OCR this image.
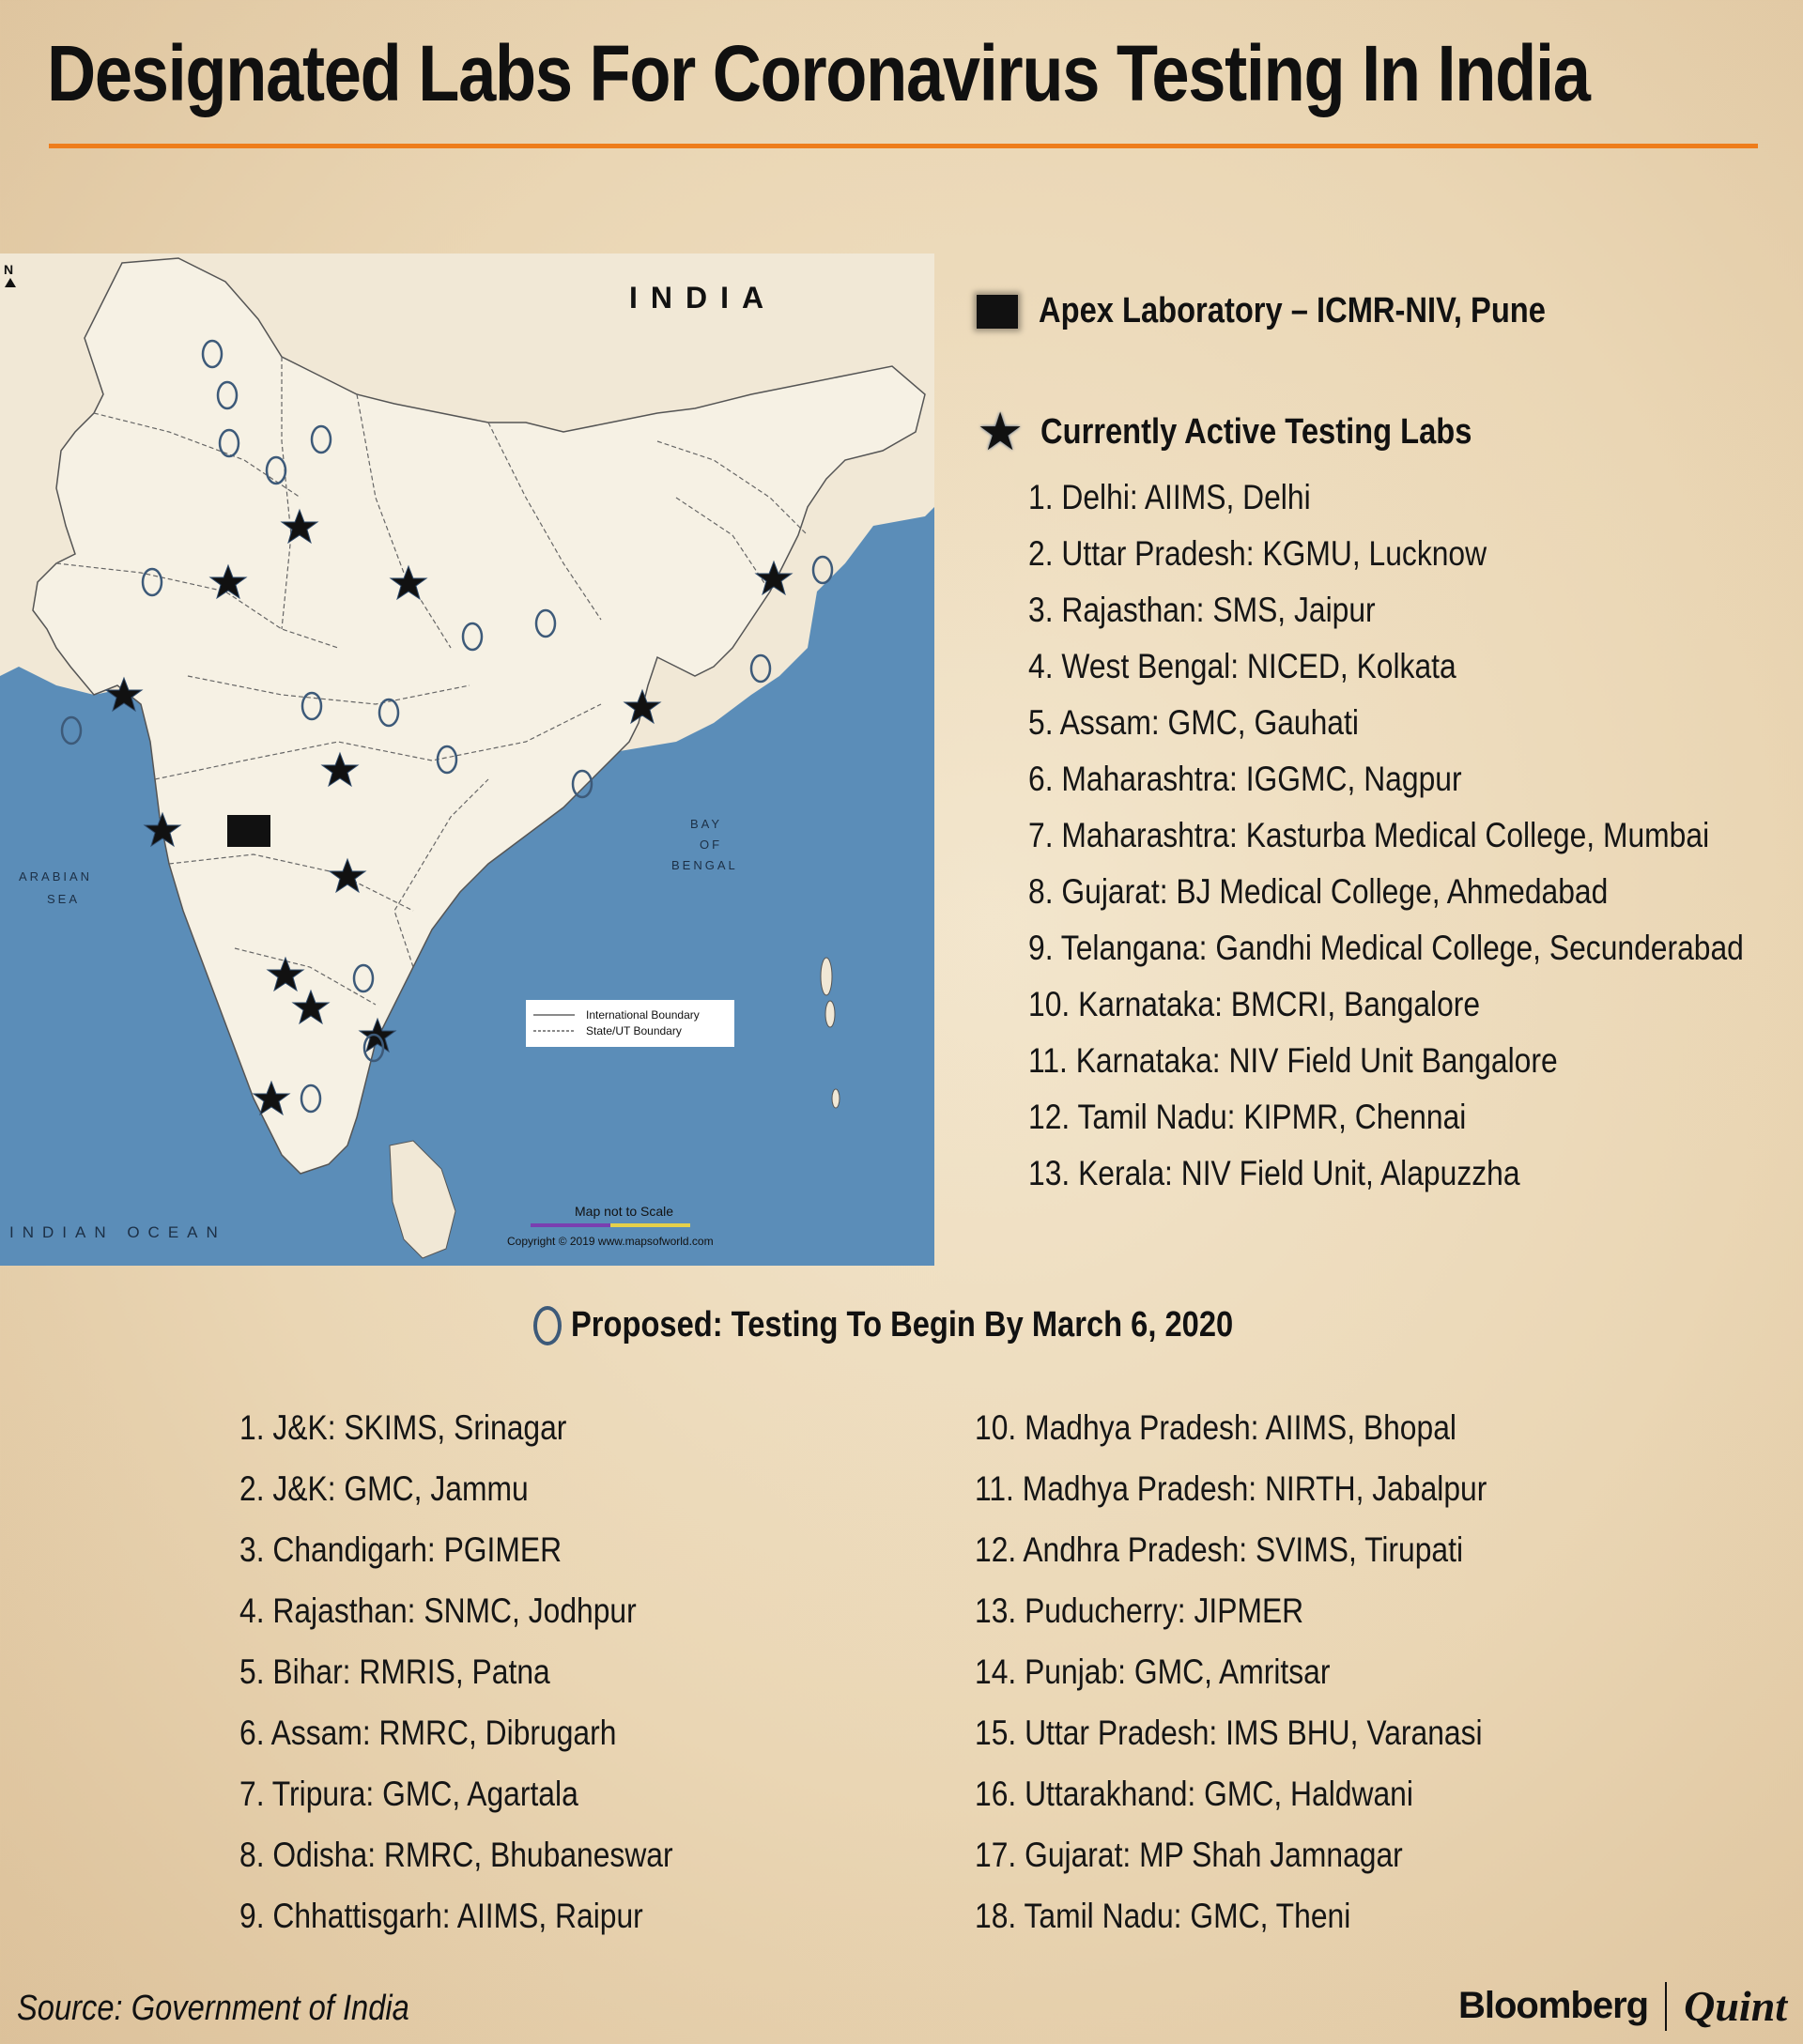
Designated Labs For Coronavirus Testing In India
INDIA
N
ARABIAN
SEA
BAY
OF
BENGAL
INDIAN OCEAN
International Boundary
State/UT Boundary
Map not to Scale
Copyright © 2019 www.mapsofworld.com
Apex Laboratory – ICMR-NIV, Pune
★ Currently Active Testing Labs
1. Delhi: AIIMS, Delhi
2. Uttar Pradesh: KGMU, Lucknow
3. Rajasthan: SMS, Jaipur
4. West Bengal: NICED, Kolkata
5. Assam: GMC, Gauhati
6. Maharashtra: IGGMC, Nagpur
7. Maharashtra: Kasturba Medical College, Mumbai
8. Gujarat: BJ Medical College, Ahmedabad
9. Telangana: Gandhi Medical College, Secunderabad
10. Karnataka: BMCRI, Bangalore
11. Karnataka: NIV Field Unit Bangalore
12. Tamil Nadu: KIPMR, Chennai
13. Kerala: NIV Field Unit, Alapuzzha
Proposed: Testing To Begin By March 6, 2020
1. J&K: SKIMS, Srinagar
2. J&K: GMC, Jammu
3. Chandigarh: PGIMER
4. Rajasthan: SNMC, Jodhpur
5. Bihar: RMRIS, Patna
6. Assam: RMRC, Dibrugarh
7. Tripura: GMC, Agartala
8. Odisha: RMRC, Bhubaneswar
9. Chhattisgarh: AIIMS, Raipur
10. Madhya Pradesh: AIIMS, Bhopal
11. Madhya Pradesh: NIRTH, Jabalpur
12. Andhra Pradesh: SVIMS, Tirupati
13. Puducherry: JIPMER
14. Punjab: GMC, Amritsar
15. Uttar Pradesh: IMS BHU, Varanasi
16. Uttarakhand: GMC, Haldwani
17. Gujarat: MP Shah Jamnagar
18. Tamil Nadu: GMC, Theni
Source: Government of India	Bloomberg Quint
